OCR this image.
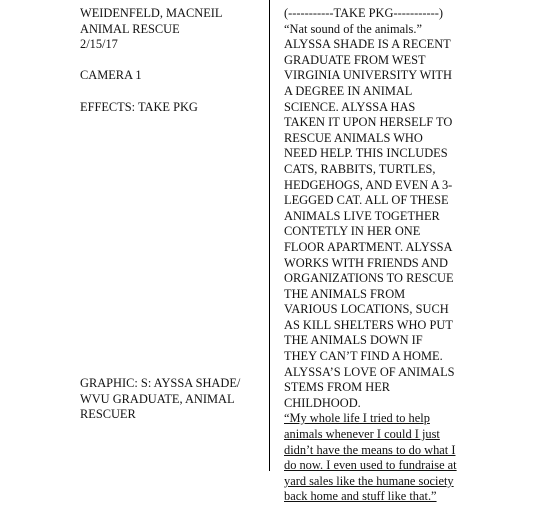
WEIDENFELD, MACNEIL
ANIMAL RESCUE
2/15/17
CAMERA 1
EFFECTS: TAKE PKG
GRAPHIC: S: AYSSA SHADE/
WVU GRADUATE, ANIMAL
RESCUER
(-----------TAKE PKG-----------)
“Nat sound of the animals.”
ALYSSA SHADE IS A RECENT
GRADUATE FROM WEST
VIRGINIA UNIVERSITY WITH
A DEGREE IN ANIMAL
SCIENCE. ALYSSA HAS
TAKEN IT UPON HERSELF TO
RESCUE ANIMALS WHO
NEED HELP. THIS INCLUDES
CATS, RABBITS, TURTLES,
HEDGEHOGS, AND EVEN A 3-
LEGGED CAT. ALL OF THESE
ANIMALS LIVE TOGETHER
CONTETLY IN HER ONE
FLOOR APARTMENT. ALYSSA
WORKS WITH FRIENDS AND
ORGANIZATIONS TO RESCUE
THE ANIMALS FROM
VARIOUS LOCATIONS, SUCH
AS KILL SHELTERS WHO PUT
THE ANIMALS DOWN IF
THEY CAN’T FIND A HOME.
ALYSSA’S LOVE OF ANIMALS
STEMS FROM HER
CHILDHOOD.
“My whole life I tried to help
animals whenever I could I just
didn’t have the means to do what I
do now. I even used to fundraise at
yard sales like the humane society
back home and stuff like that.”
